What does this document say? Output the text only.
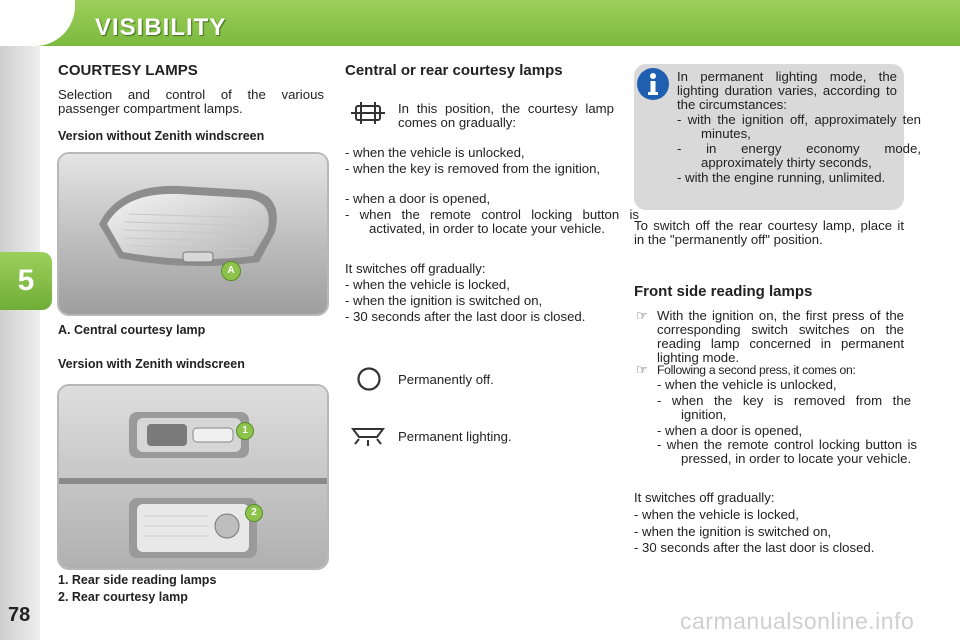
VISIBILITY
5
78
COURTESY LAMPS
Selection and control of the various passenger compartment lamps.
Version without Zenith windscreen
A
A. Central courtesy lamp
Version with Zenith windscreen
1
2
1. Rear side reading lamps
2. Rear courtesy lamp
Central or rear courtesy lamps
In this position, the courtesy lamp comes on gradually:
- when the vehicle is unlocked,
- when the key is removed from the ignition,
- when a door is opened,
- when the remote control locking button is activated, in order to locate your vehicle.
It switches off gradually:
- when the vehicle is locked,
- when the ignition is switched on,
- 30 seconds after the last door is closed.
Permanently off.
Permanent lighting.
In permanent lighting mode, the lighting duration varies, according to the circumstances:
- with the ignition off, approximately ten minutes,
- in energy economy mode, approximately thirty seconds,
- with the engine running, unlimited.
To switch off the rear courtesy lamp, place it in the "permanently off" position.
Front side reading lamps
☞ With the ignition on, the first press of the corresponding switch switches on the reading lamp concerned in permanent lighting mode.
☞ Following a second press, it comes on:
- when the vehicle is unlocked,
- when the key is removed from the ignition,
- when a door is opened,
- when the remote control locking button is pressed, in order to locate your vehicle.
It switches off gradually:
- when the vehicle is locked,
- when the ignition is switched on,
- 30 seconds after the last door is closed.
carmanualsonline.info
